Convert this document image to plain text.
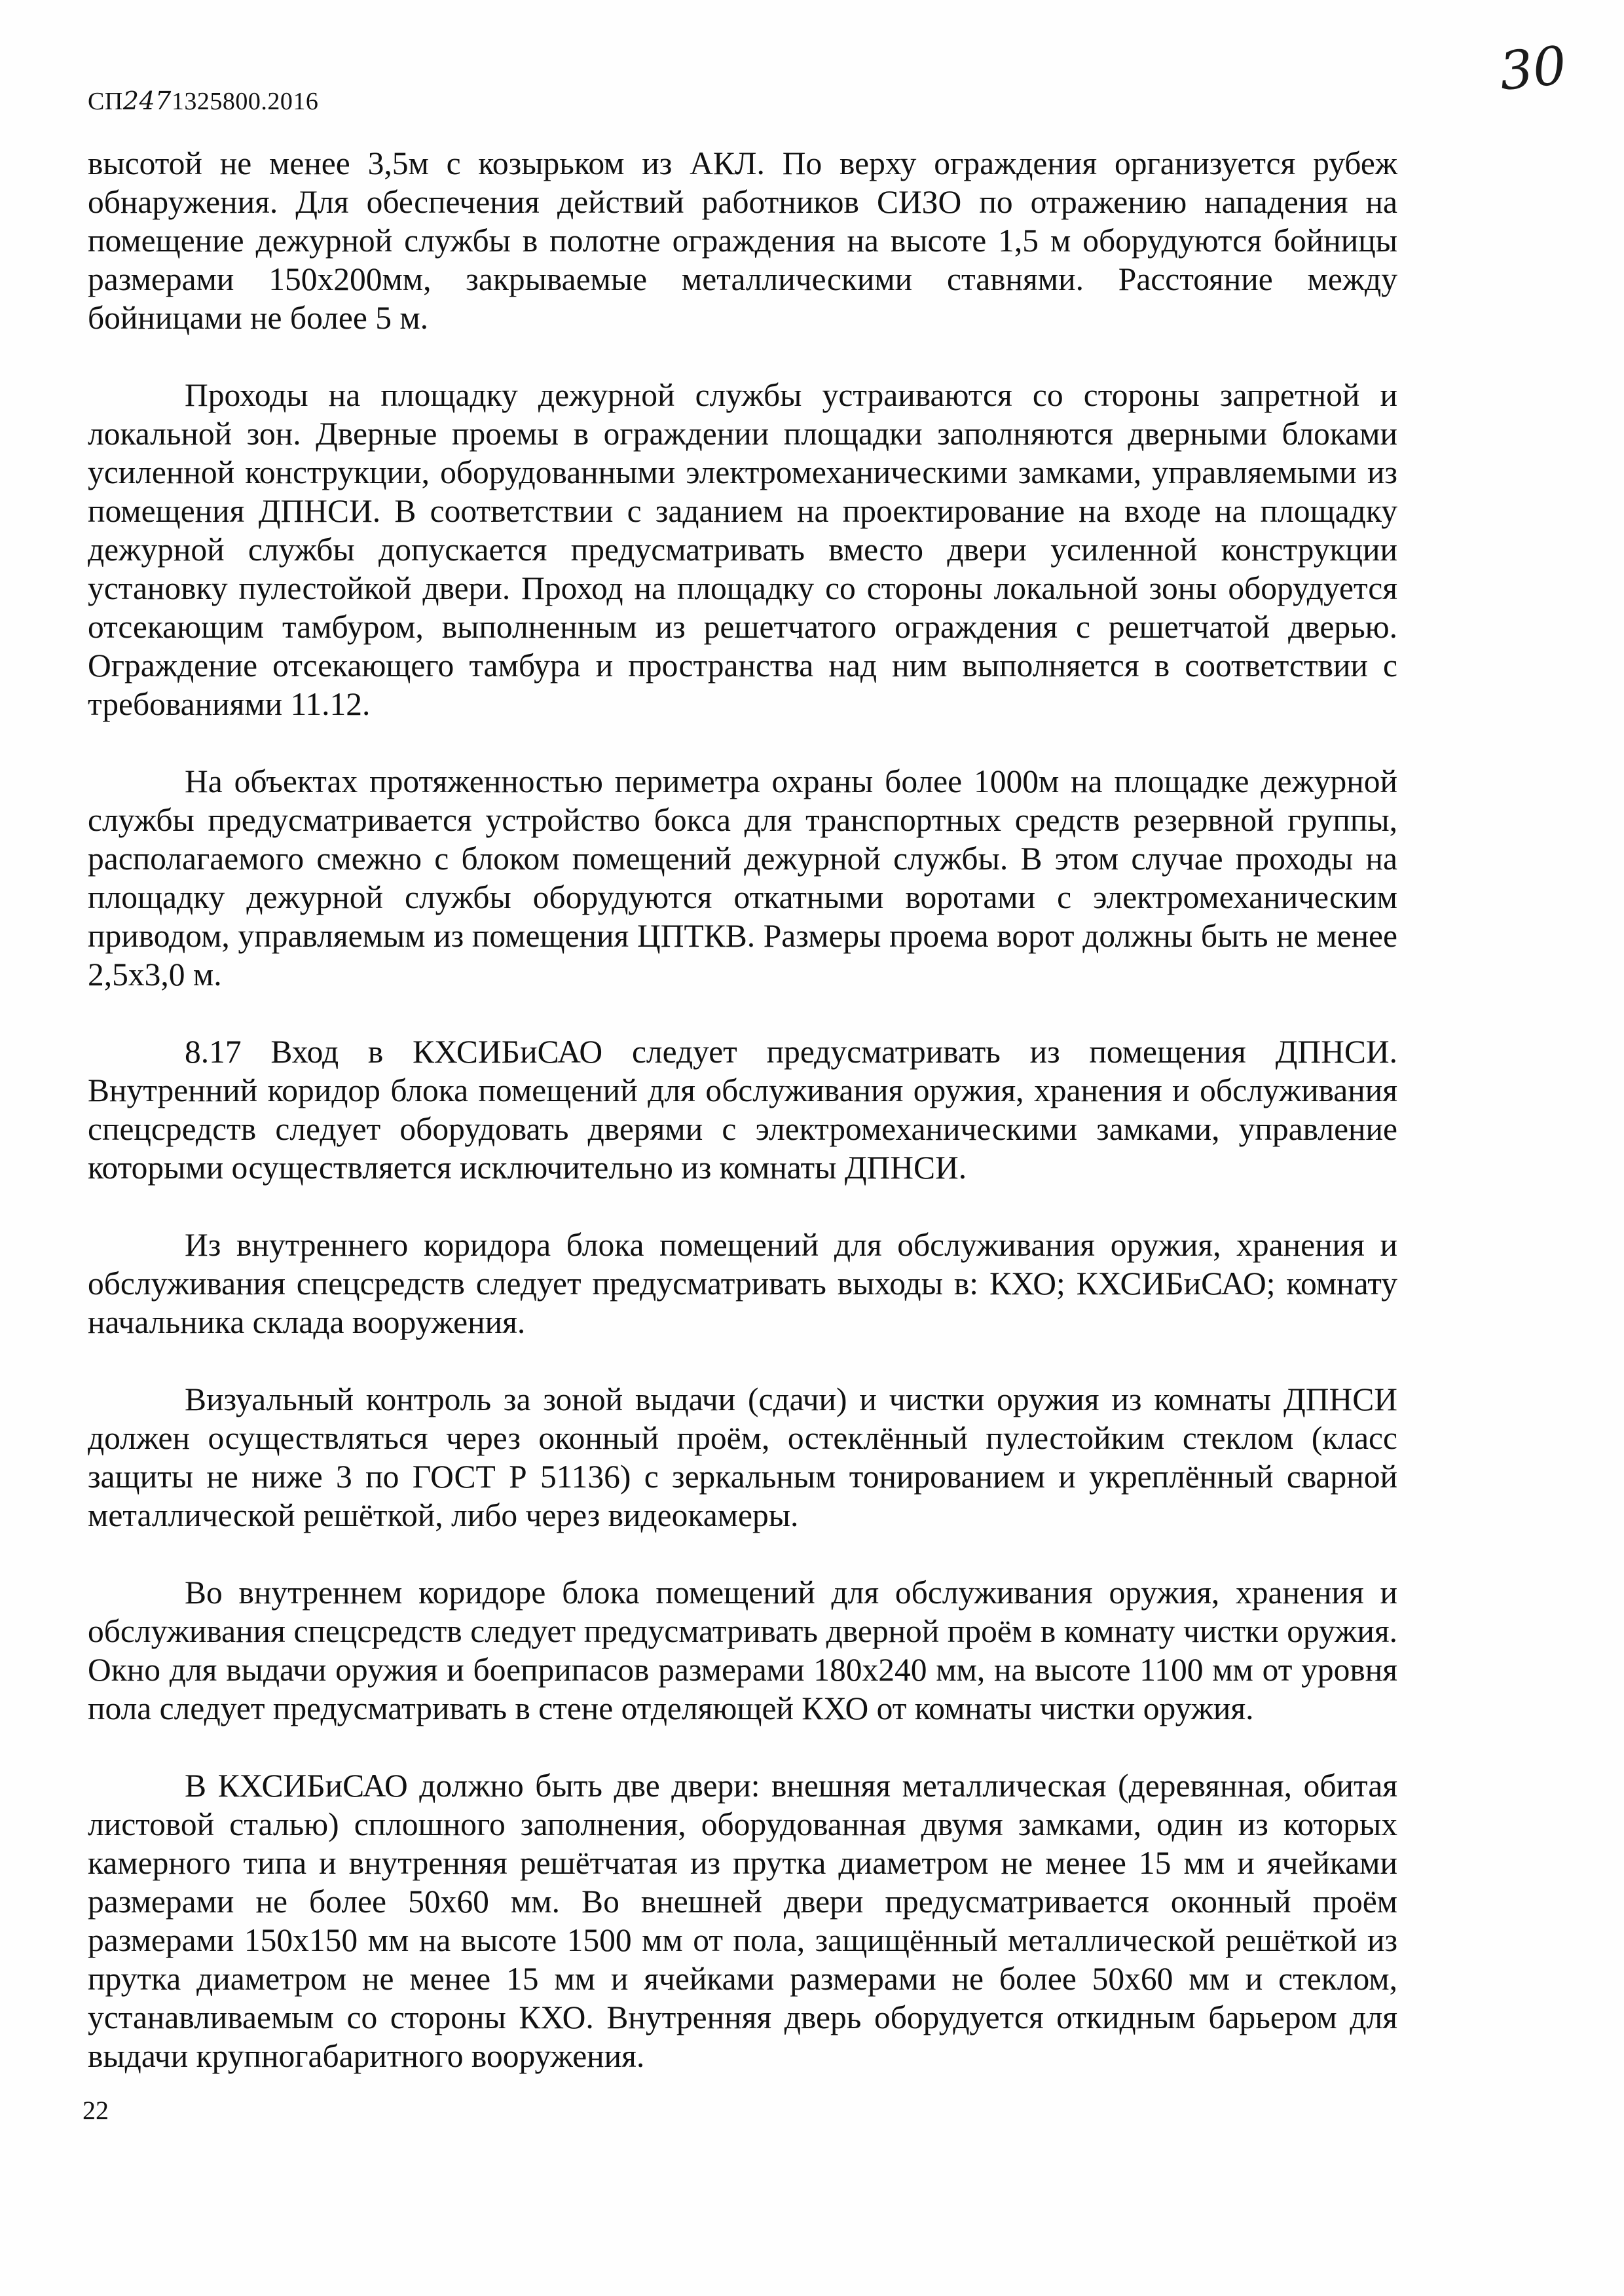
СП2471325800.2016	30

высотой не менее 3,5м с козырьком из АКЛ. По верху ограждения организуется рубеж обнаружения. Для обеспечения действий работников СИЗО по отражению нападения на помещение дежурной службы в полотне ограждения на высоте 1,5 м оборудуются бойницы размерами 150х200мм, закрываемые металлическими ставнями. Расстояние между бойницами не более 5 м.

Проходы на площадку дежурной службы устраиваются со стороны запретной и локальной зон. Дверные проемы в ограждении площадки заполняются дверными блоками усиленной конструкции, оборудованными электромеханическими замками, управляемыми из помещения ДПНСИ. В соответствии с заданием на проектирование на входе на площадку дежурной службы допускается предусматривать вместо двери усиленной конструкции установку пулестойкой двери. Проход на площадку со стороны локальной зоны оборудуется отсекающим тамбуром, выполненным из решетчатого ограждения с решетчатой дверью. Ограждение отсекающего тамбура и пространства над ним выполняется в соответствии с требованиями 11.12.

На объектах протяженностью периметра охраны более 1000м на площадке дежурной службы предусматривается устройство бокса для транспортных средств резервной группы, располагаемого смежно с блоком помещений дежурной службы. В этом случае проходы на площадку дежурной службы оборудуются откатными воротами с электромеханическим приводом, управляемым из помещения ЦПТКВ. Размеры проема ворот должны быть не менее 2,5х3,0 м.

8.17 Вход в КХСИБиСАО следует предусматривать из помещения ДПНСИ. Внутренний коридор блока помещений для обслуживания оружия, хранения и обслуживания спецсредств следует оборудовать дверями с электромеханическими замками, управление которыми осуществляется исключительно из комнаты ДПНСИ.

Из внутреннего коридора блока помещений для обслуживания оружия, хранения и обслуживания спецсредств следует предусматривать выходы в: КХО; КХСИБиСАО; комнату начальника склада вооружения.

Визуальный контроль за зоной выдачи (сдачи) и чистки оружия из комнаты ДПНСИ должен осуществляться через оконный проём, остеклённый пулестойким стеклом (класс защиты не ниже 3 по ГОСТ Р 51136) с зеркальным тонированием и укреплённый сварной металлической решёткой, либо через видеокамеры.

Во внутреннем коридоре блока помещений для обслуживания оружия, хранения и обслуживания спецсредств следует предусматривать дверной проём в комнату чистки оружия. Окно для выдачи оружия и боеприпасов размерами 180х240 мм, на высоте 1100 мм от уровня пола следует предусматривать в стене отделяющей КХО от комнаты чистки оружия.

В КХСИБиСАО должно быть две двери: внешняя металлическая (деревянная, обитая листовой сталью) сплошного заполнения, оборудованная двумя замками, один из которых камерного типа и внутренняя решётчатая из прутка диаметром не менее 15 мм и ячейками размерами не более 50х60 мм. Во внешней двери предусматривается оконный проём размерами 150х150 мм на высоте 1500 мм от пола, защищённый металлической решёткой из прутка диаметром не менее 15 мм и ячейками размерами не более 50х60 мм и стеклом, устанавливаемым со стороны КХО. Внутренняя дверь оборудуется откидным барьером для выдачи крупногабаритного вооружения.

22
